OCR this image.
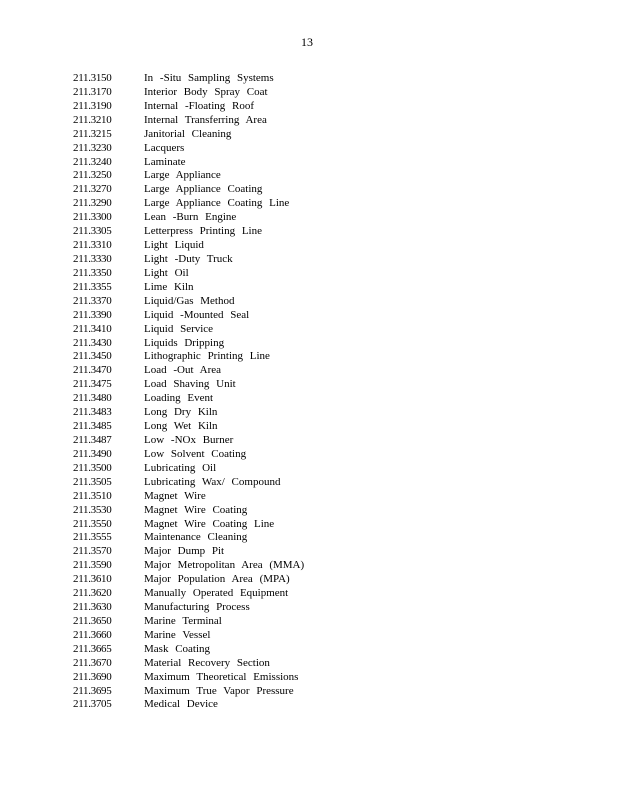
13
211.3150	In -Situ Sampling Systems
211.3170	Interior Body Spray Coat
211.3190	Internal -Floating Roof
211.3210	Internal Transferring Area
211.3215	Janitorial Cleaning
211.3230	Lacquers
211.3240	Laminate
211.3250	Large Appliance
211.3270	Large Appliance Coating
211.3290	Large Appliance Coating Line
211.3300	Lean -Burn Engine
211.3305	Letterpress Printing Line
211.3310	Light Liquid
211.3330	Light -Duty Truck
211.3350	Light Oil
211.3355	Lime Kiln
211.3370	Liquid/Gas Method
211.3390	Liquid -Mounted Seal
211.3410	Liquid Service
211.3430	Liquids Dripping
211.3450	Lithographic Printing Line
211.3470	Load -Out Area
211.3475	Load Shaving Unit
211.3480	Loading Event
211.3483	Long Dry Kiln
211.3485	Long Wet Kiln
211.3487	Low -NOx Burner
211.3490	Low Solvent Coating
211.3500	Lubricating Oil
211.3505	Lubricating Wax/ Compound
211.3510	Magnet Wire
211.3530	Magnet Wire Coating
211.3550	Magnet Wire Coating Line
211.3555	Maintenance Cleaning
211.3570	Major Dump Pit
211.3590	Major Metropolitan Area (MMA)
211.3610	Major Population Area (MPA)
211.3620	Manually Operated Equipment
211.3630	Manufacturing Process
211.3650	Marine Terminal
211.3660	Marine Vessel
211.3665	Mask Coating
211.3670	Material Recovery Section
211.3690	Maximum Theoretical Emissions
211.3695	Maximum True Vapor Pressure
211.3705	Medical Device
